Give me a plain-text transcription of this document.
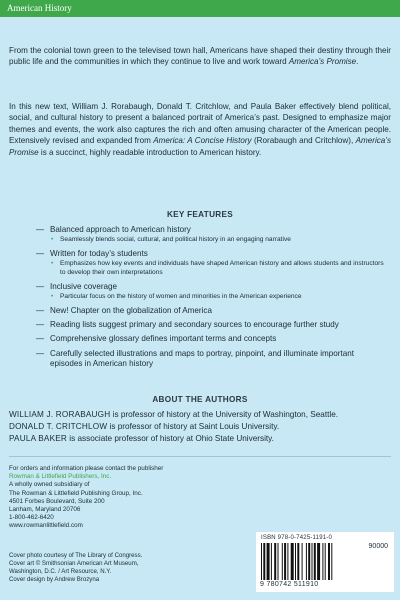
American History

From the colonial town green to the televised town hall, Americans have shaped their destiny through their public life and the communities in which they continue to live and work toward America’s Promise.

In this new text, William J. Rorabaugh, Donald T. Critchlow, and Paula Baker effectively blend political, social, and cultural history to present a balanced portrait of America’s past. Designed to emphasize major themes and events, the work also captures the rich and often amusing character of the American people. Extensively revised and expanded from America: A Concise History (Rorabaugh and Critchlow), America’s Promise is a succinct, highly readable introduction to American history.

KEY FEATURES
— Balanced approach to American history
• Seamlessly blends social, cultural, and political history in an engaging narrative
— Written for today’s students
• Emphasizes how key events and individuals have shaped American history and allows students and instructors to develop their own interpretations
— Inclusive coverage
• Particular focus on the history of women and minorities in the American experience
— New! Chapter on the globalization of America
— Reading lists suggest primary and secondary sources to encourage further study
— Comprehensive glossary defines important terms and concepts
— Carefully selected illustrations and maps to portray, pinpoint, and illuminate important episodes in American history
ABOUT THE AUTHORS
WILLIAM J. RORABAUGH is professor of history at the University of Washington, Seattle.
DONALD T. CRITCHLOW is professor of history at Saint Louis University.
PAULA BAKER is associate professor of history at Ohio State University.
For orders and information please contact the publisher
Rowman & Littlefield Publishers, Inc.
A wholly owned subsidiary of
The Rowman & Littlefield Publishing Group, Inc.
4501 Forbes Boulevard, Suite 200
Lanham, Maryland 20706
1-800-462-6420
www.rowmanlittlefield.com
Cover photo courtesy of The Library of Congress.
Cover art © Smithsonian American Art Museum,
Washington, D.C. / Art Resource, N.Y.
Cover design by Andrew Brozyna
ISBN 978-0-7425-1191-0
90000
9 780742 511910
